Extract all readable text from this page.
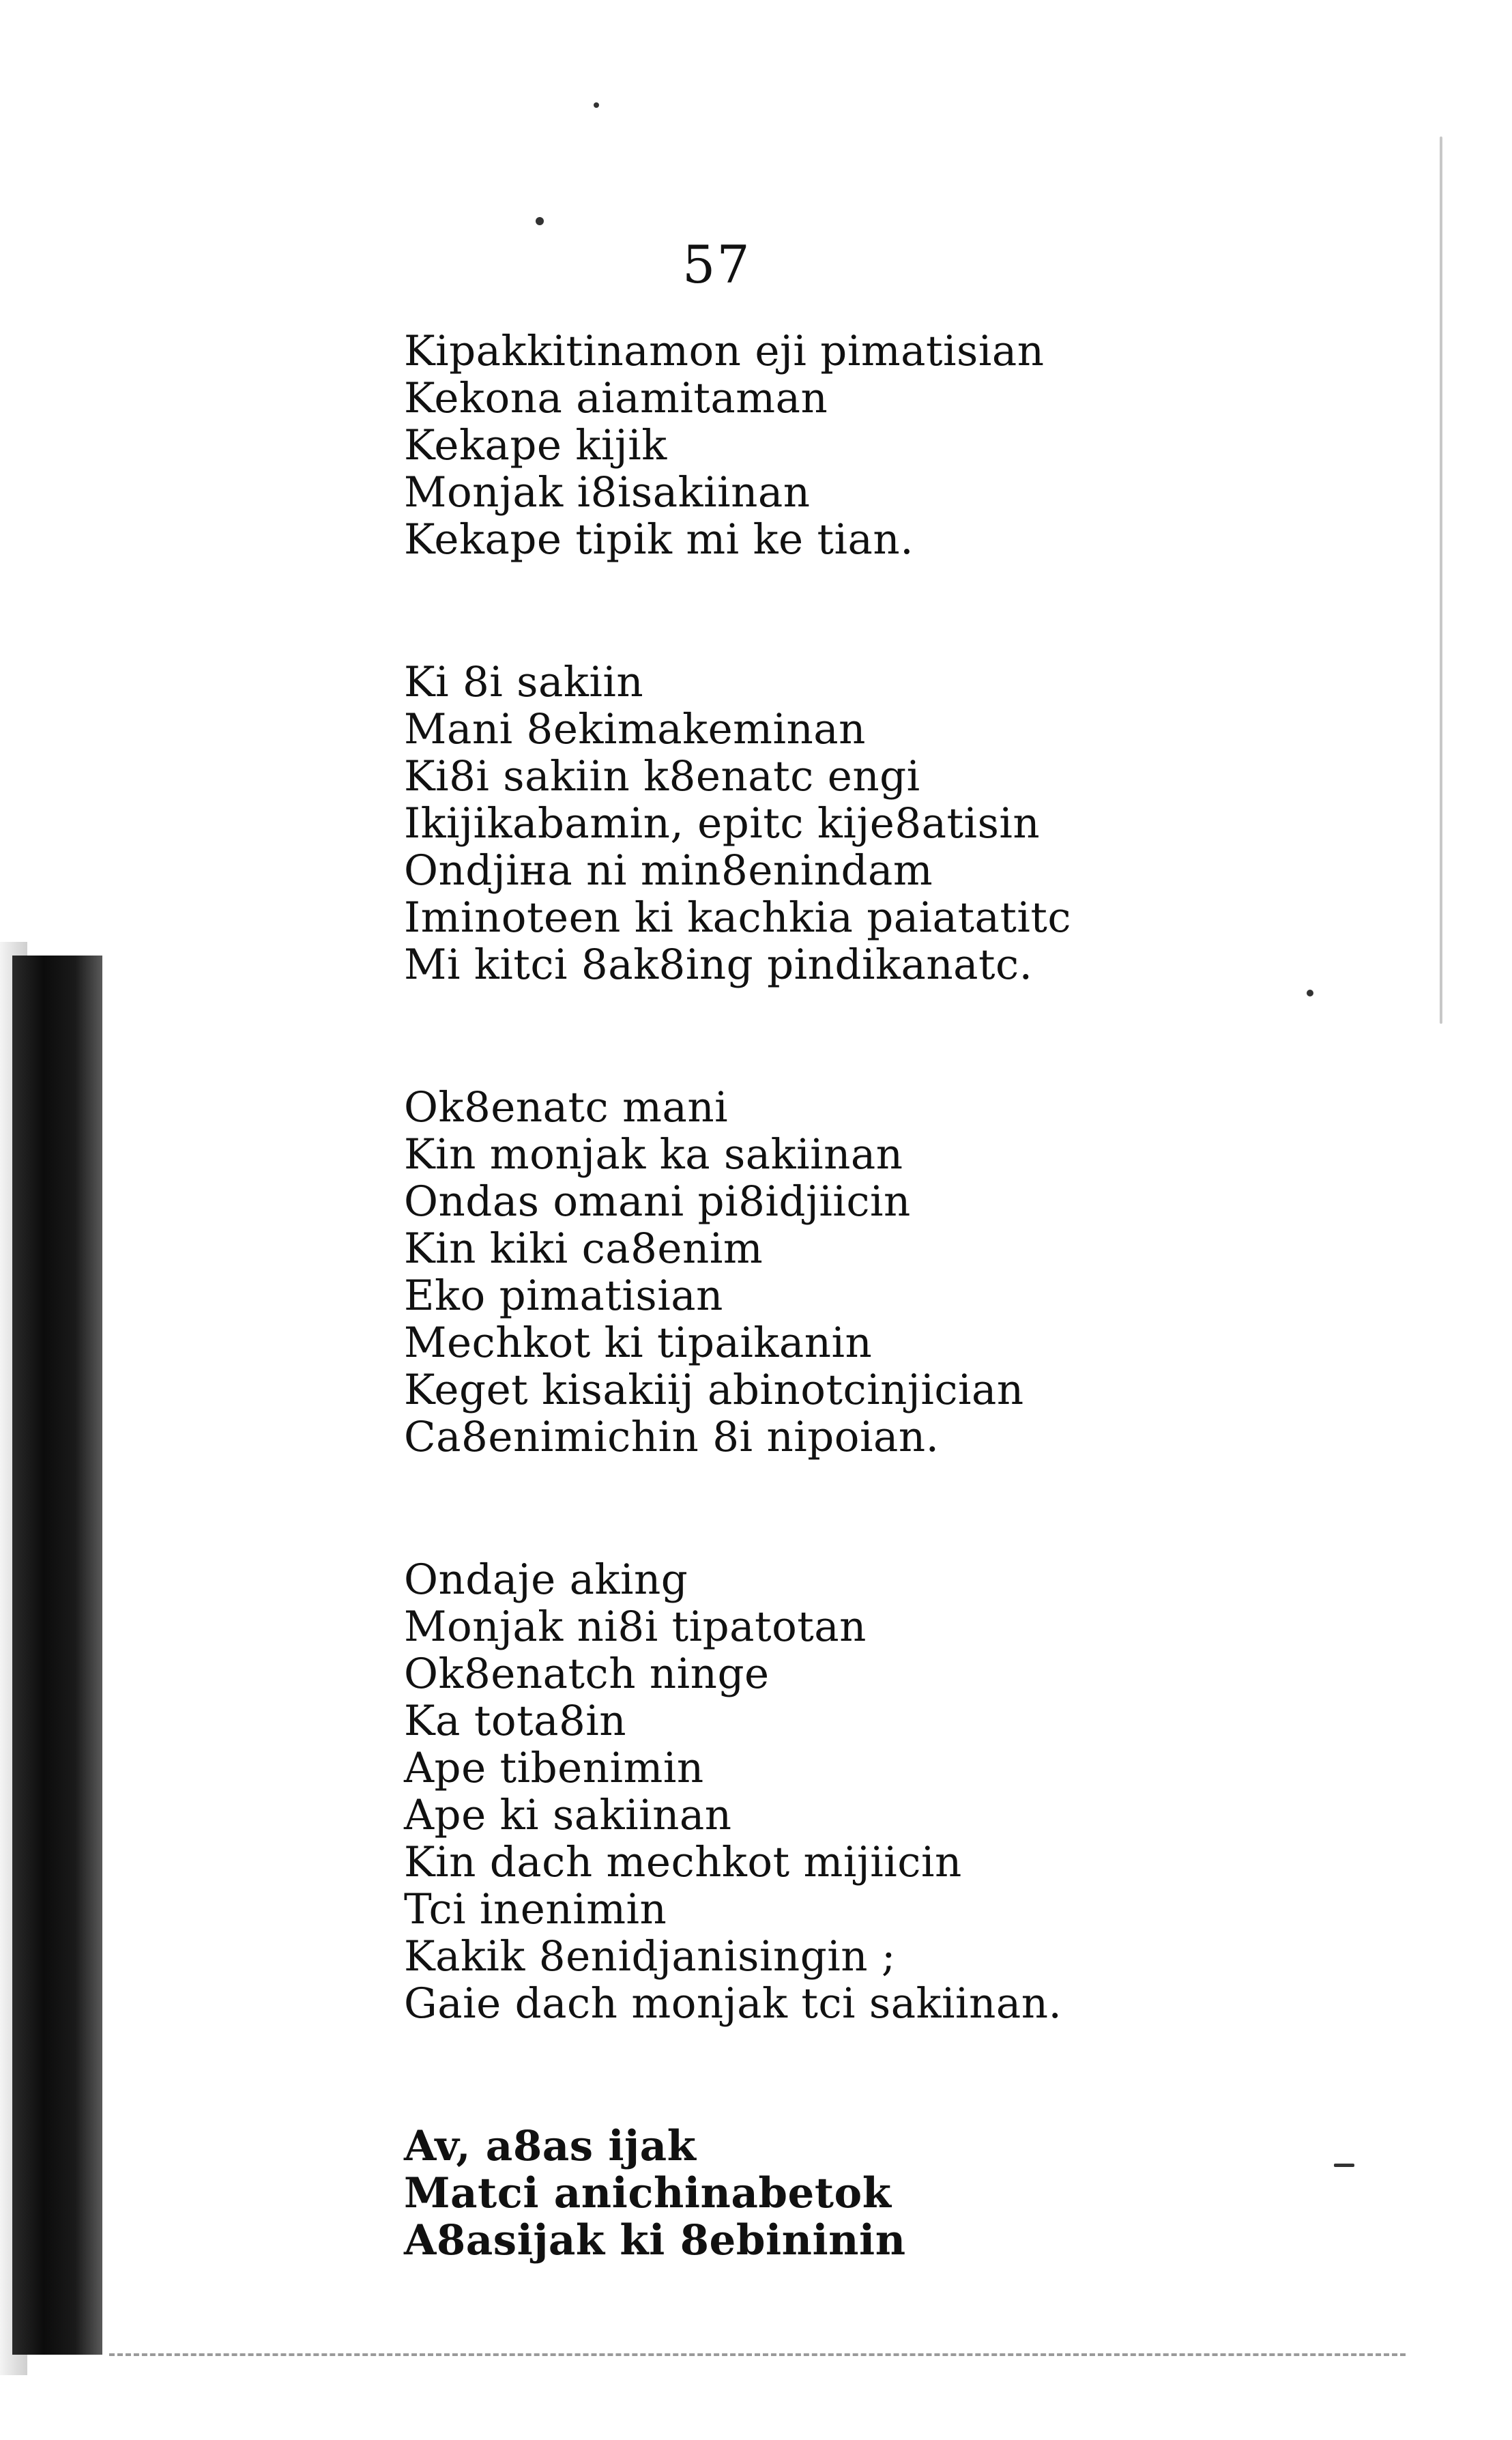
57
Kipakkitinamon eji pimatisian
Kekona aiamitaman
Kekape kijik
Monjak i8isakiinan
Kekape tipik mi ke tian.
Ki 8i sakiin
Mani 8ekimakeminan
Ki8i sakiin k8enatc engi
Ikijikabamin, epitc kije8atisin
Ondjiна ni min8enindam
Iminoteen ki kachkia paiatatitc
Mi kitci 8ak8ing pindikanatc.
Ok8enatc mani
Kin monjak ka sakiinan
Ondas omani pi8idjiicin
Kin kiki ca8enim
Eko pimatisian
Mechkot ki tipaikanin
Keget kisakiij abinotcinjician
Ca8enimichin 8i nipoian.
Ondaje aking
Monjak ni8i tipatotan
Ok8enatch ninge
Ka tota8in
Ape tibenimin
Ape ki sakiinan
Kin dach mechkot mijiicin
Tci inenimin
Kakik 8enidjanisingin ;
Gaie dach monjak tci sakiinan.
Av, a8as ijak
Matci anichinabetok
A8asijak ki 8ebininin
